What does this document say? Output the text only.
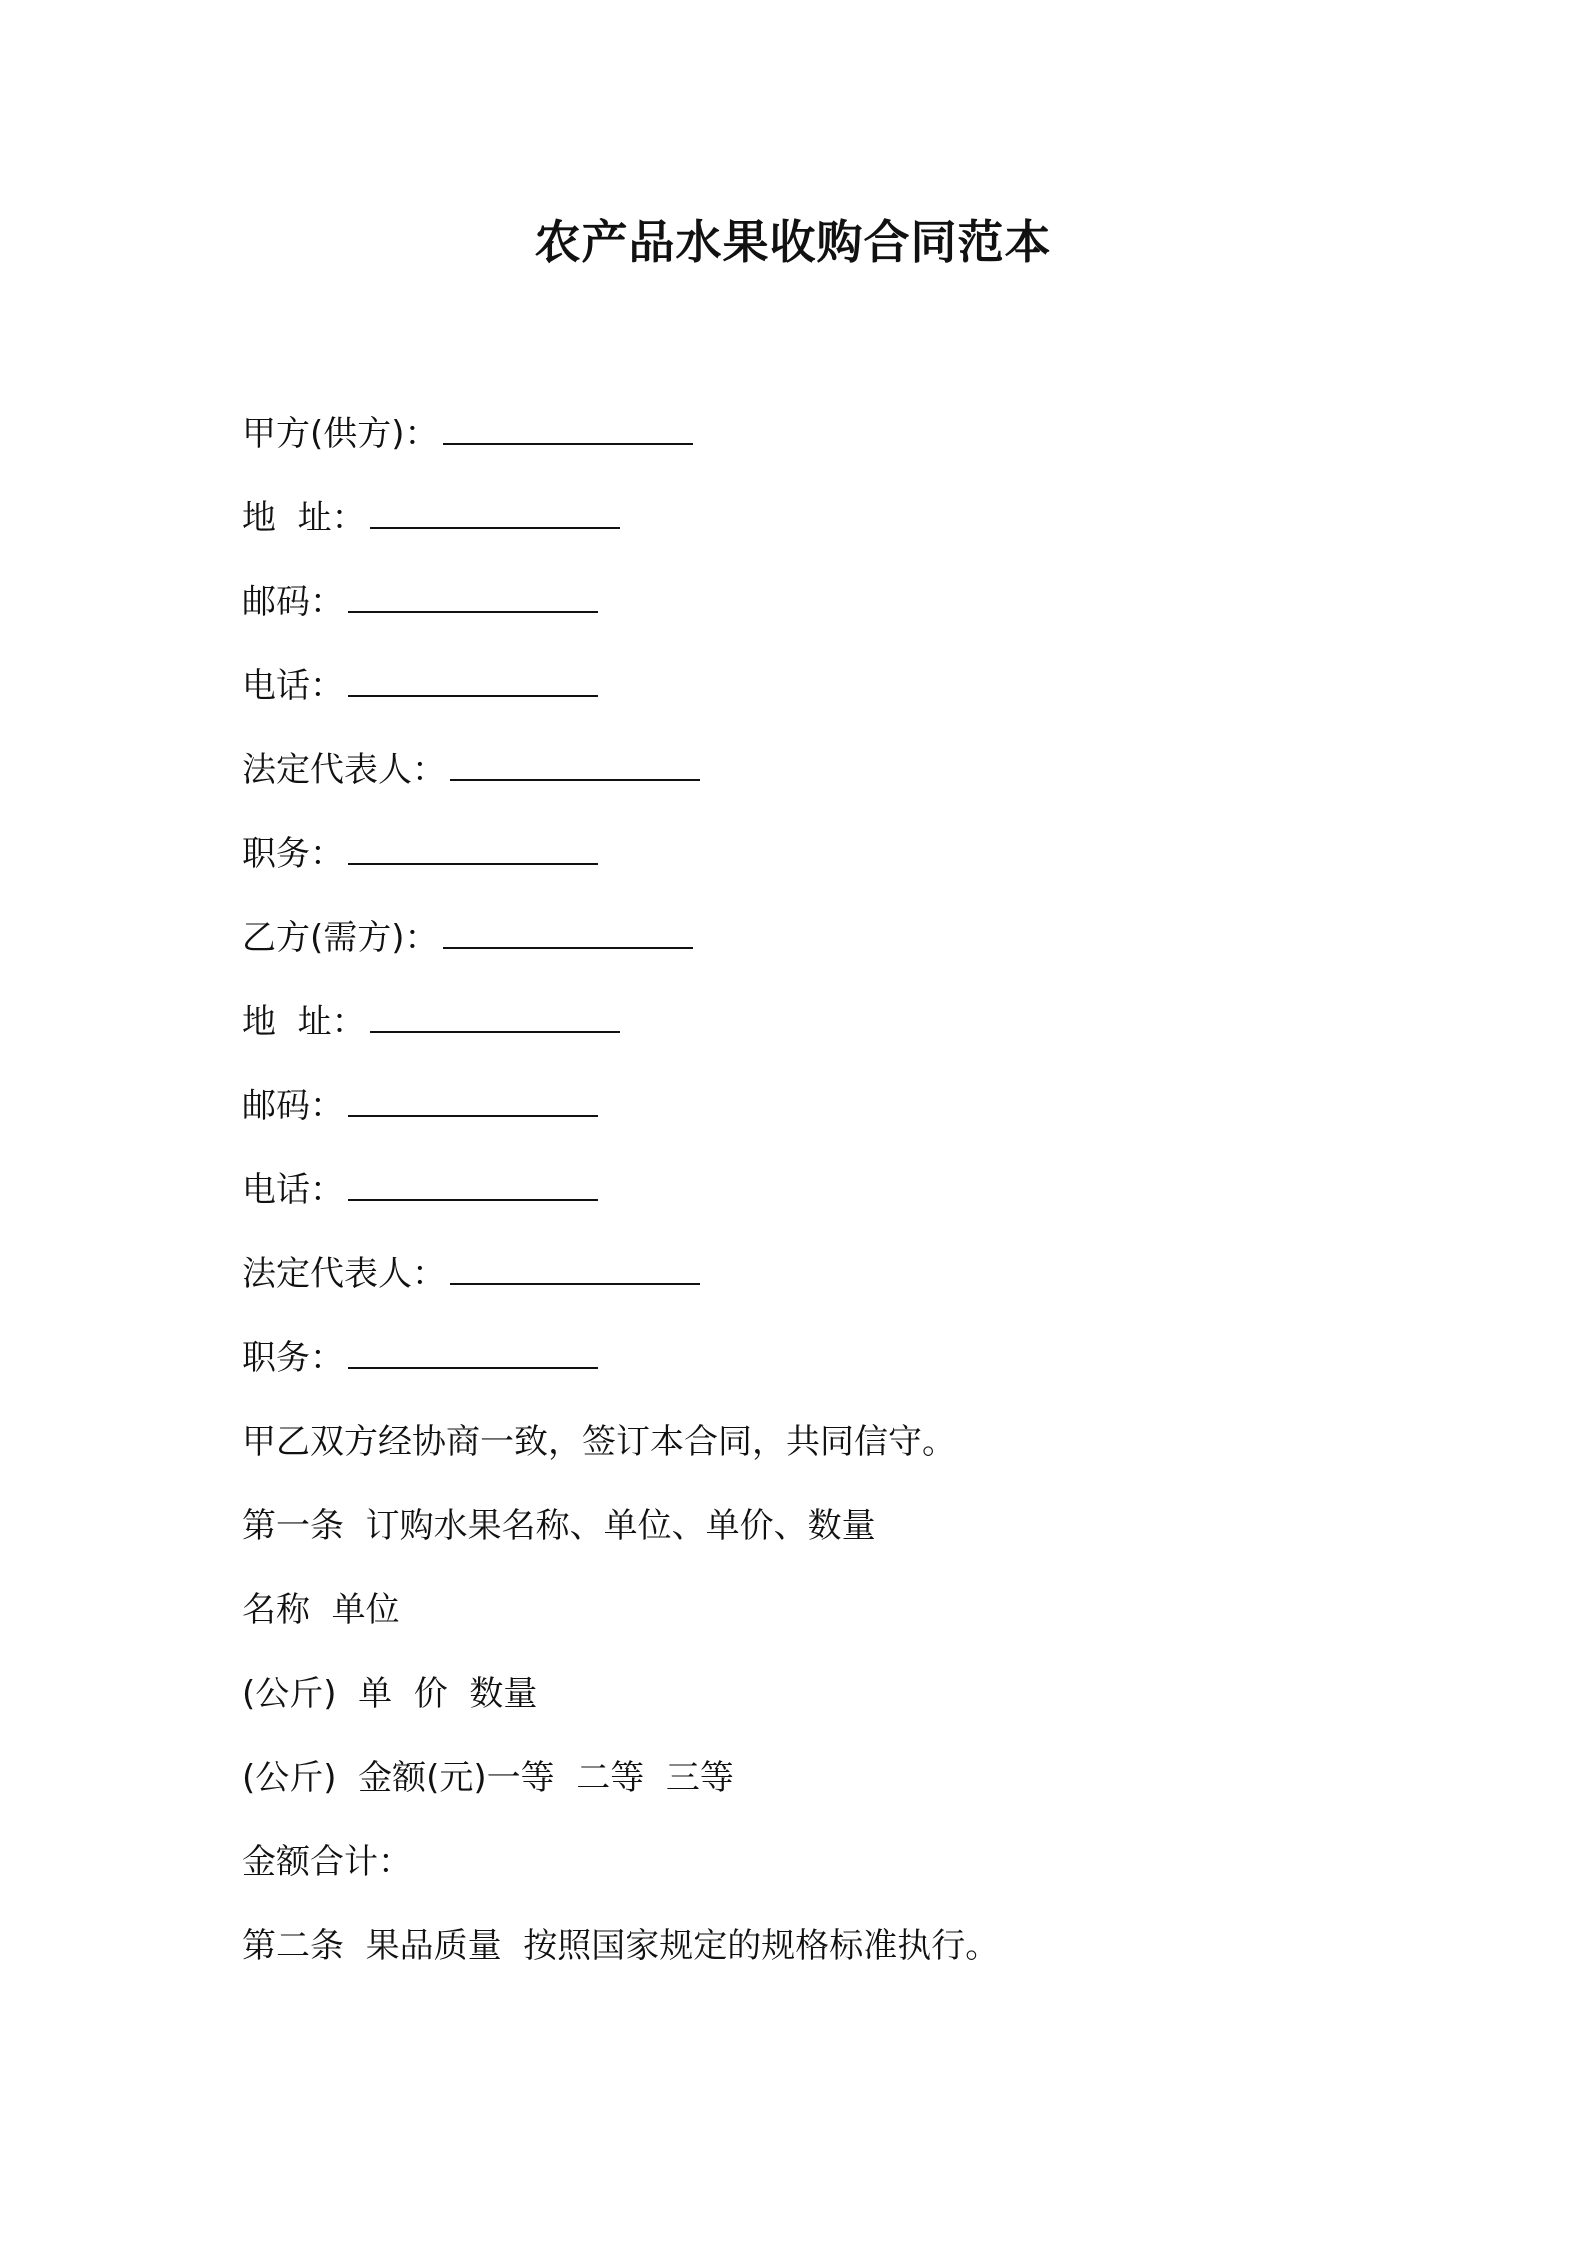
农产品水果收购合同范本
甲方(供方)：
地  址：
邮码：
电话：
法定代表人：
职务：
乙方(需方)：
地  址：
邮码：
电话：
法定代表人：
职务：
甲乙双方经协商一致，签订本合同，共同信守。
第一条  订购水果名称、单位、单价、数量
名称  单位
(公斤)  单  价  数量
(公斤)  金额(元)一等  二等  三等
金额合计：
第二条  果品质量  按照国家规定的规格标准执行。
